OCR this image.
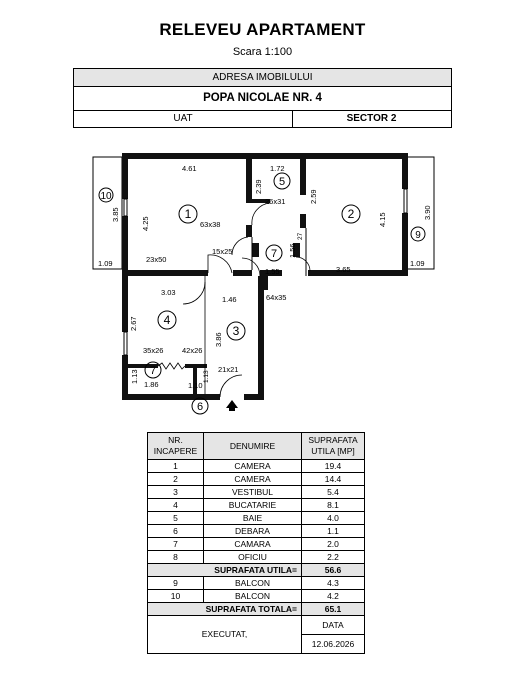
RELEVEU APARTAMENT
Scara 1:100
ADRESA IMOBILULUI
POPA NICOLAE NR. 4
UAT	SECTOR 2
1	2
3
4
5
6
7
7
9
10
4.61	1.72
2.39
2.59
4.15
4.25
3.85	3.90
1.09	1.09
63x38
26x31
23x50
15x25
1.55
1.56
27
3.65
3.03
2.67
1.46	64x35
3.86
35x26 42x26
21x21
1.86
1.13
1.10
1.13
NR. INCAPERE	DENUMIRE	SUPRAFATA UTILA [MP]
1	CAMERA	19.4
2	CAMERA	14.4
3	VESTIBUL	5.4
4	BUCATARIE	8.1
5	BAIE	4.0
6	DEBARA	1.1
7	CAMARA	2.0
8	OFICIU	2.2
SUPRAFATA UTILA=		56.6
9	BALCON	4.3
10	BALCON	4.2
SUPRAFATA TOTALA=		65.1
EXECUTAT,		DATA
		12.06.2026
